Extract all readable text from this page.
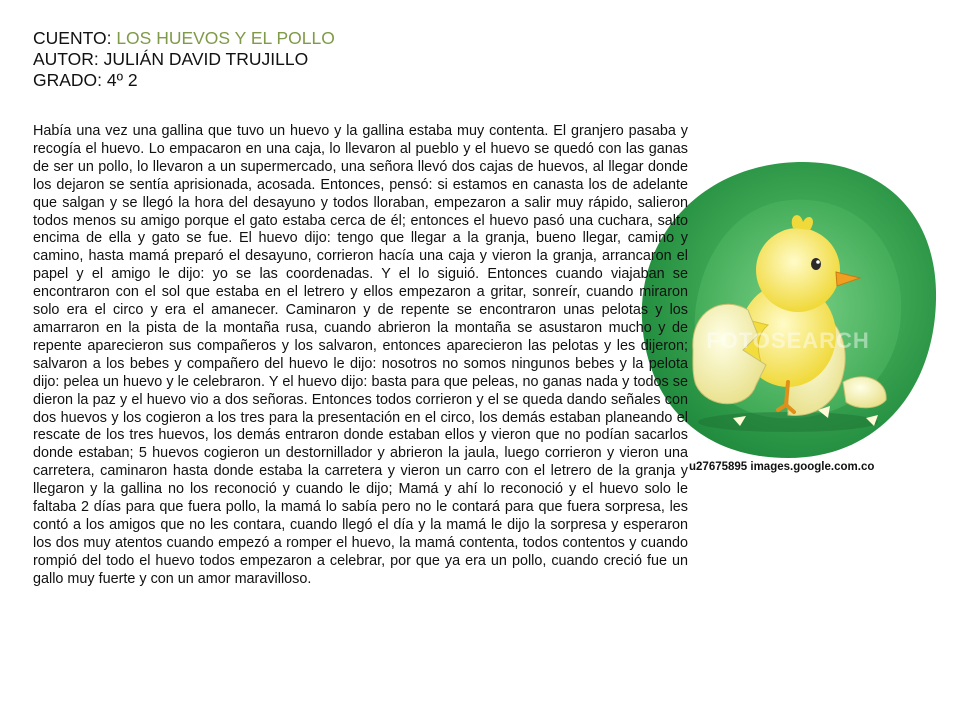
CUENTO: LOS HUEVOS Y EL POLLO
AUTOR: JULIÁN DAVID TRUJILLO
GRADO: 4º 2
FOTOSEARCH
u27675895 images.google.com.co

Había una vez una gallina que tuvo un huevo y la gallina estaba muy contenta. El granjero pasaba y recogía el huevo. Lo empacaron en una caja, lo llevaron al pueblo y el huevo se quedó con las ganas de ser un pollo, lo llevaron a un supermercado, una señora llevó dos cajas de huevos, al llegar donde los dejaron se sentía aprisionada, acosada. Entonces, pensó: si estamos en canasta los de adelante que salgan y se llegó la hora del desayuno y todos lloraban, empezaron a salir muy rápido, salieron todos menos su amigo porque el gato estaba cerca de él; entonces el huevo pasó una cuchara, salto encima de ella y gato se fue. El huevo dijo: tengo que llegar a la granja, bueno llegar, camino y camino, hasta mamá preparó el desayuno, corrieron hacía una caja y vieron la granja, arrancaron el papel y el amigo le dijo: yo se las coordenadas. Y el lo siguió. Entonces cuando viajaban se encontraron con el sol que estaba en el letrero y ellos empezaron a gritar, sonreír, cuando miraron solo era el circo y era el amanecer. Caminaron y de repente se encontraron unas pelotas y los amarraron en la pista de la montaña rusa, cuando abrieron la montaña se asustaron mucho y de repente aparecieron sus compañeros y los salvaron, entonces aparecieron las pelotas y les dijeron; salvaron a los bebes y compañero del huevo le dijo: nosotros no somos ningunos bebes y la pelota dijo: pelea un huevo y le celebraron. Y el huevo dijo: basta para que peleas, no ganas nada y todos se dieron la paz y el huevo vio a dos señoras. Entonces todos corrieron y el se queda dando señales con dos huevos y los cogieron a los tres para la presentación en el circo, los demás estaban planeando el rescate de los tres huevos, los demás entraron donde estaban ellos y vieron que no podían sacarlos donde estaban; 5 huevos cogieron un destornillador y abrieron la jaula, luego corrieron y vieron una carretera, caminaron hasta donde estaba la carretera y vieron un carro con el letrero de la granja y llegaron y la gallina no los reconoció y cuando le dijo; Mamá y ahí lo reconoció y el huevo solo le faltaba 2 días para que fuera pollo, la mamá lo sabía pero no le contará para que fuera sorpresa, les contó a los amigos que no les contara, cuando llegó el día y la mamá le dijo la sorpresa y esperaron los dos muy atentos cuando empezó a romper el huevo, la mamá contenta, todos contentos y cuando rompió del todo el huevo todos empezaron a celebrar, por que ya era un pollo, cuando creció fue un gallo muy fuerte y con un amor maravilloso.
